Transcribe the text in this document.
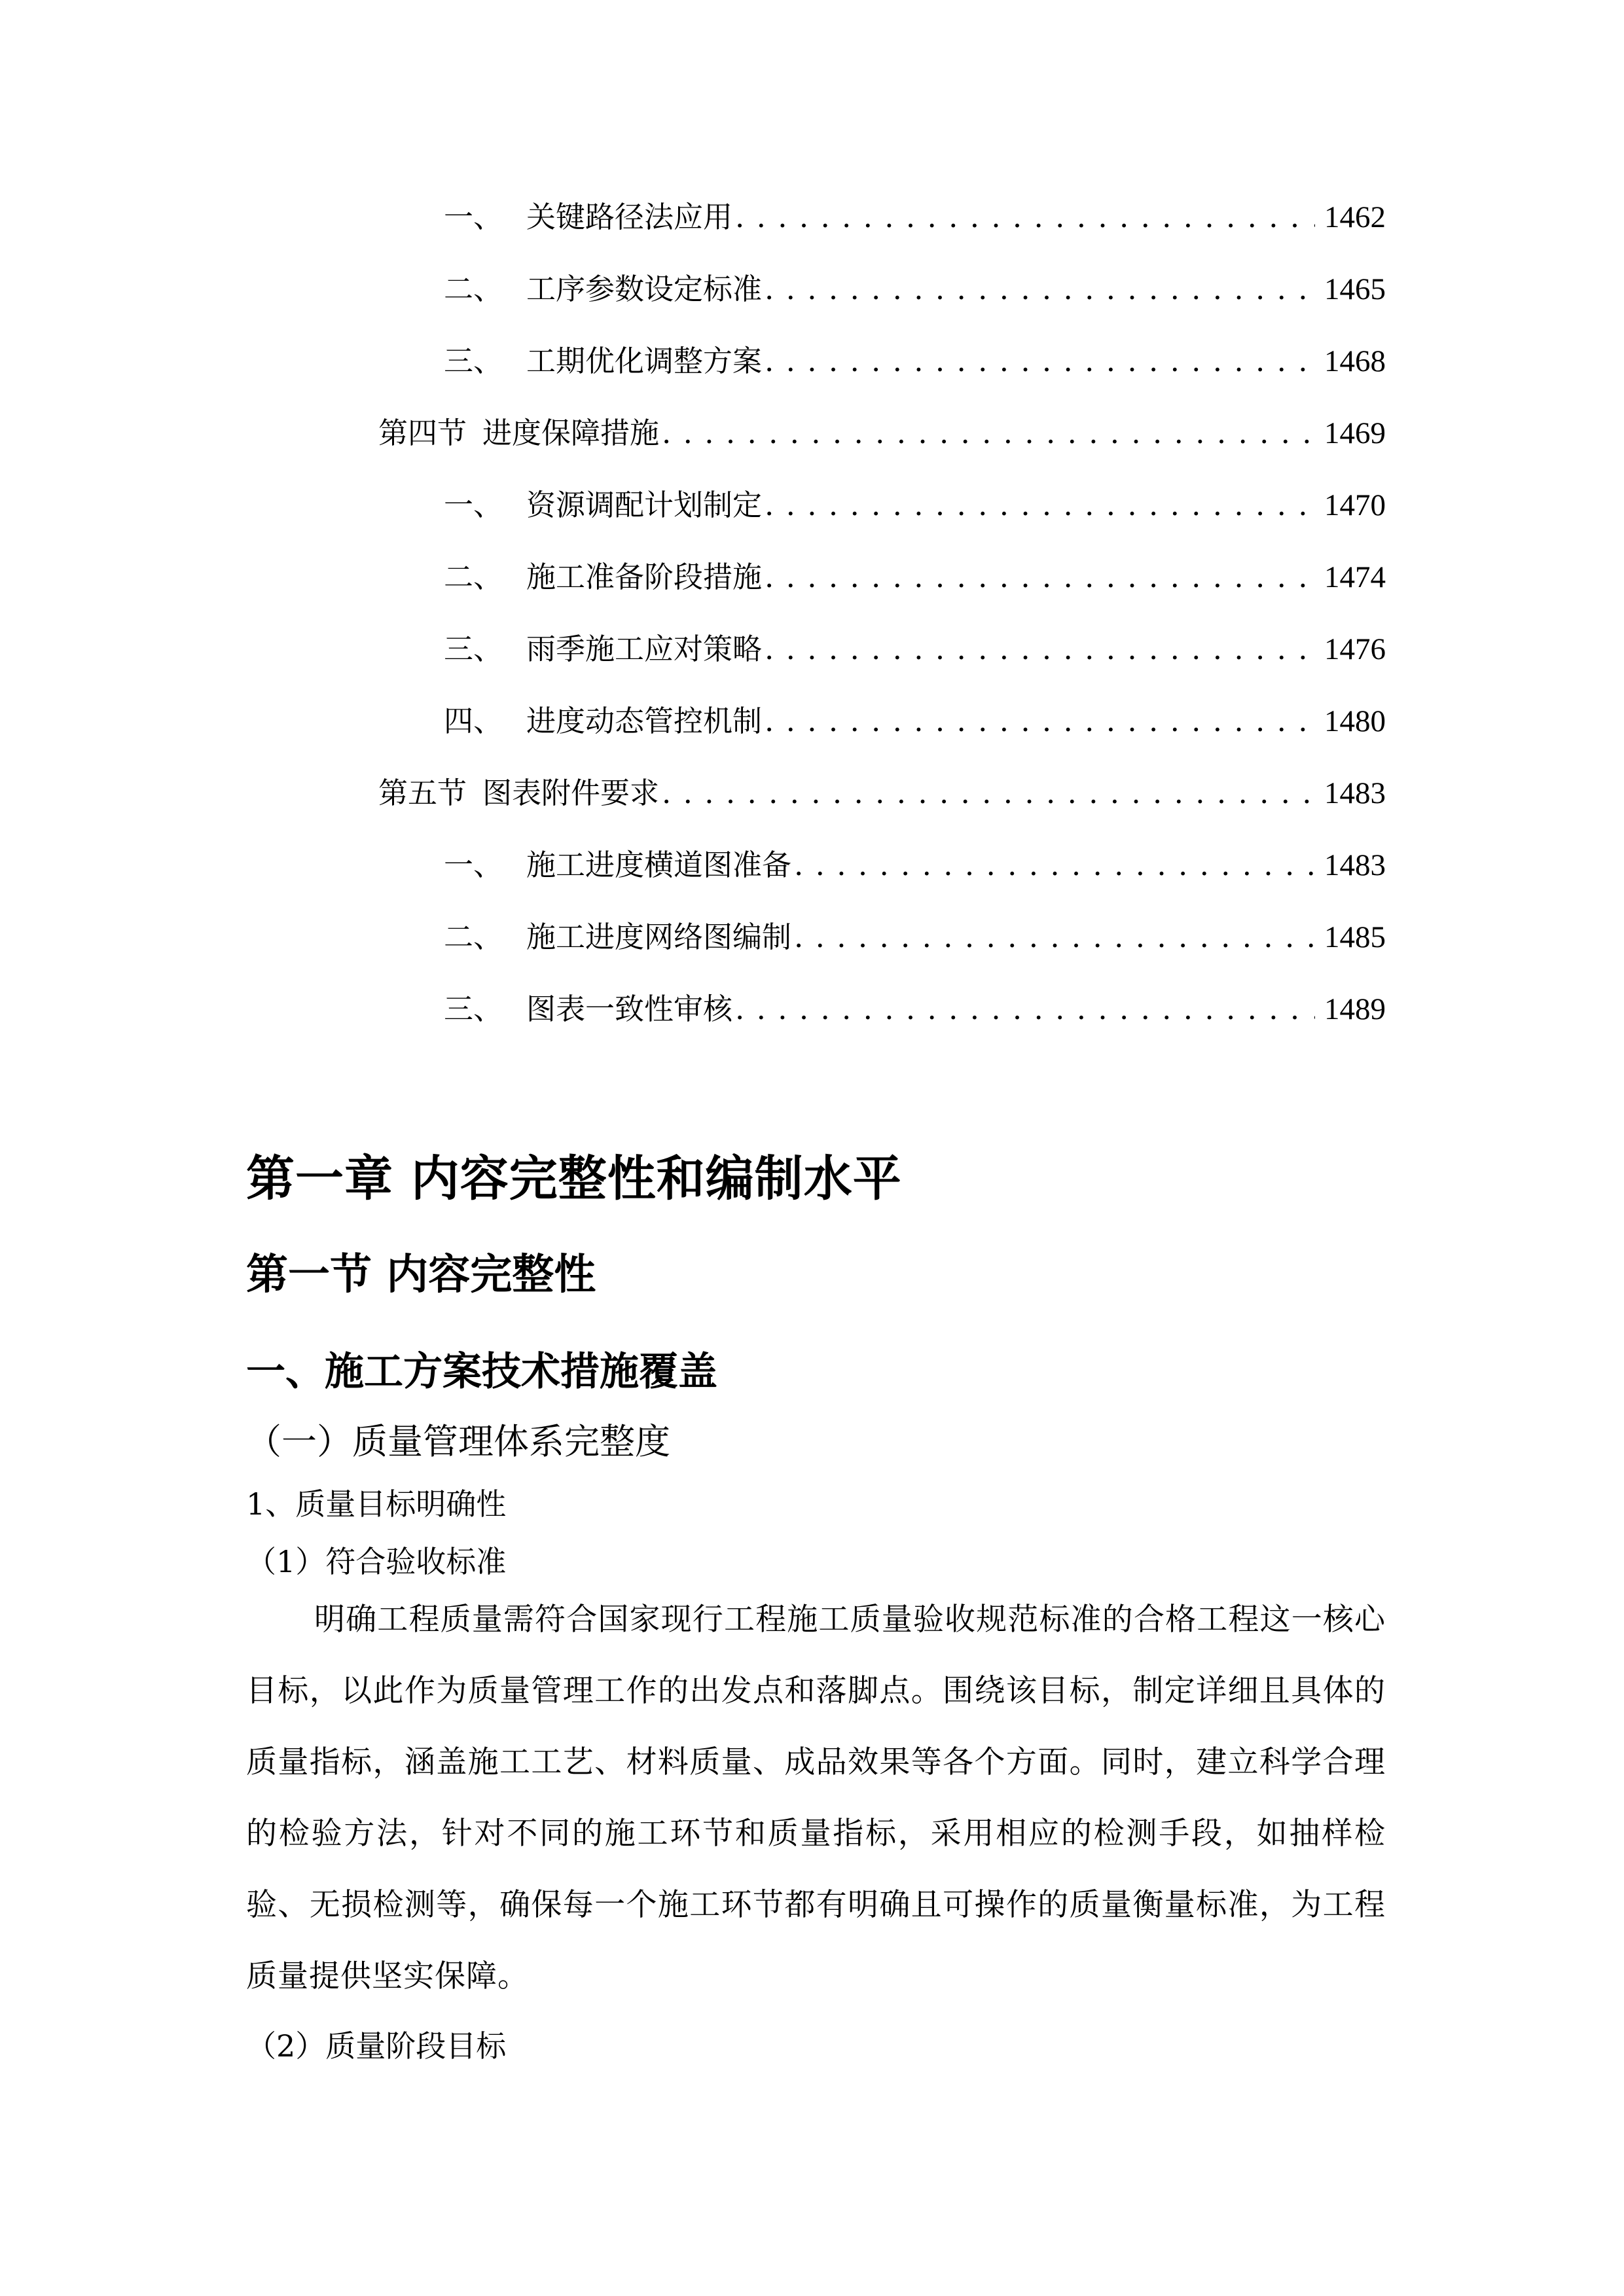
一、 关键路径法应用 . . .	1462
二、 工序参数设定标准 . . .	1465
三、 工期优化调整方案 . . .	1468
第四节 进度保障措施 . . .	1469
一、 资源调配计划制定 . . .	1470
二、 施工准备阶段措施 . . .	1474
三、 雨季施工应对策略 . . .	1476
四、 进度动态管控机制 . . .	1480
第五节 图表附件要求 . . .	1483
一、 施工进度横道图准备 . . .	1483
二、 施工进度网络图编制 . . .	1485
三、 图表一致性审核 . . .	1489
第一章 内容完整性和编制水平
第一节 内容完整性
一、施工方案技术措施覆盖
（一）质量管理体系完整度
1、质量目标明确性
（1）符合验收标准
明确工程质量需符合国家现行工程施工质量验收规范标准的合格工程这一核心目标，以此作为质量管理工作的出发点和落脚点。围绕该目标，制定详细且具体的质量指标，涵盖施工工艺、材料质量、成品效果等各个方面。同时，建立科学合理的检验方法，针对不同的施工环节和质量指标，采用相应的检测手段，如抽样检验、无损检测等，确保每一个施工环节都有明确且可操作的质量衡量标准，为工程质量提供坚实保障。
（2）质量阶段目标
